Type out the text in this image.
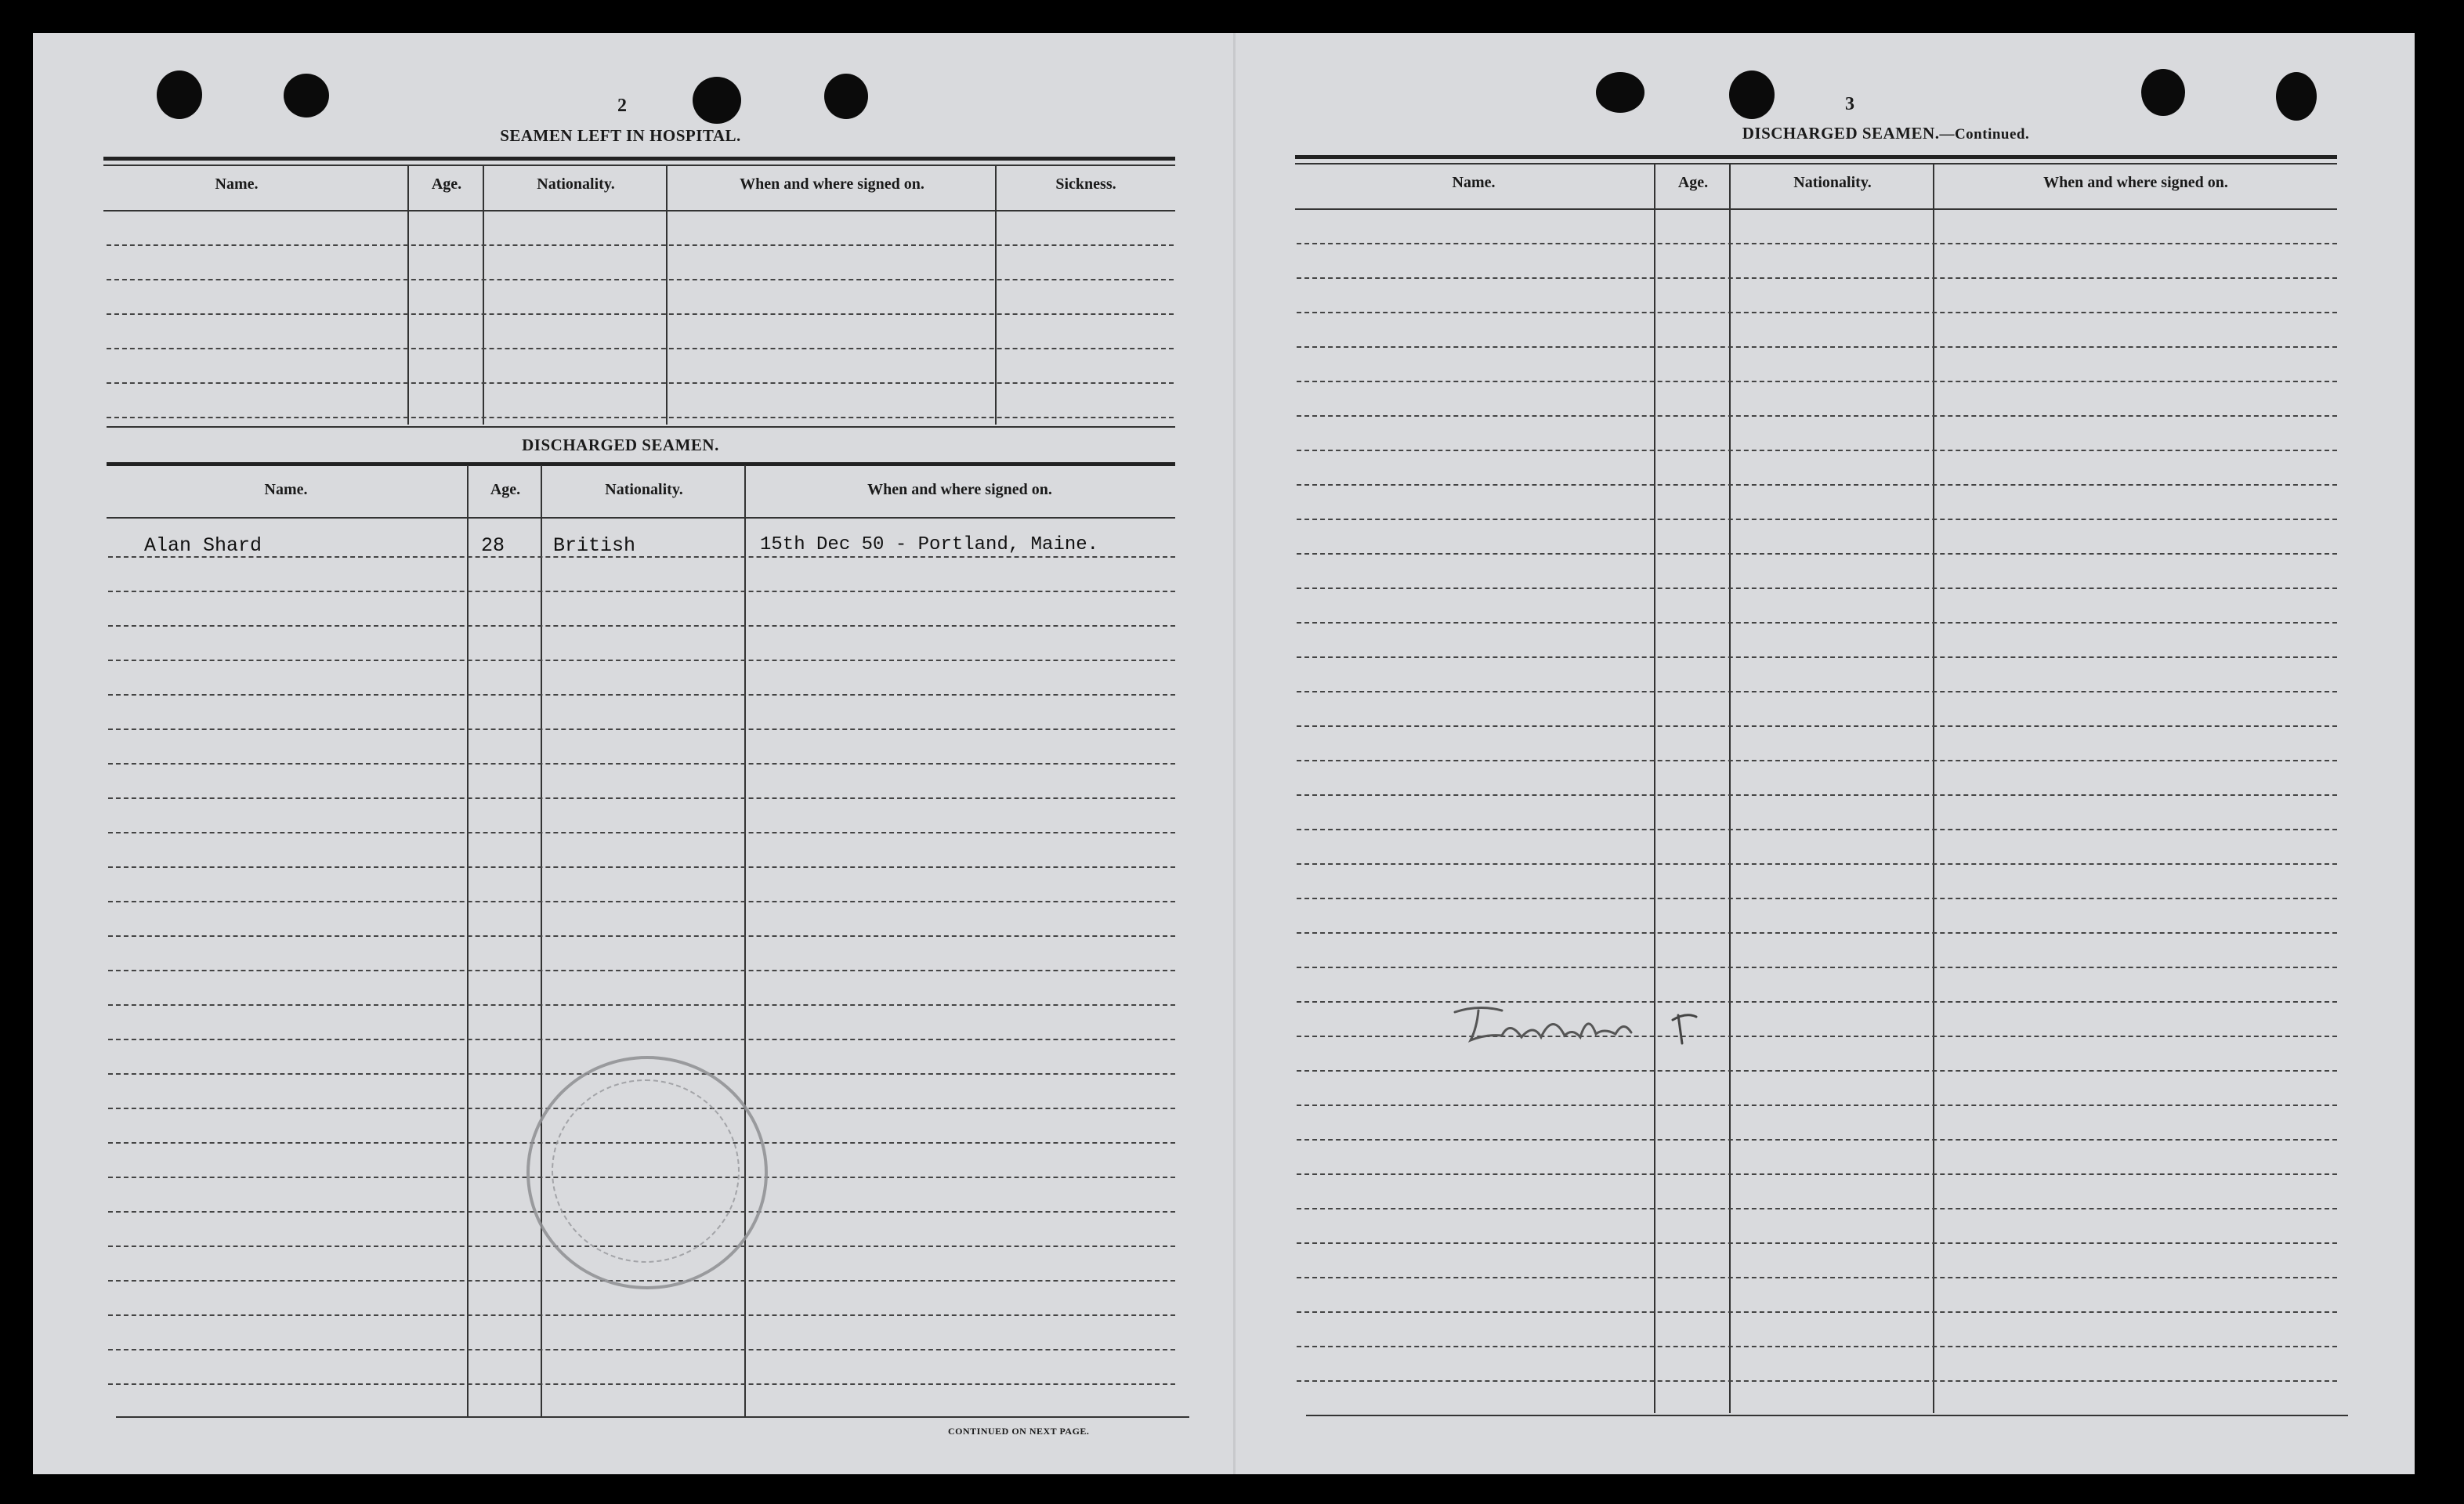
2
SEAMEN LEFT IN HOSPITAL.
Name.	Age.	Nationality.	When and where signed on.	Sickness.
DISCHARGED SEAMEN.
Name.	Age.	Nationality.	When and where signed on.
Alan Shard	28 British	15th Dec 50 - Portland, Maine.
CONTINUED ON NEXT PAGE.
3
DISCHARGED SEAMEN.—Continued.
Name.	Age.	Nationality.	When and where signed on.
